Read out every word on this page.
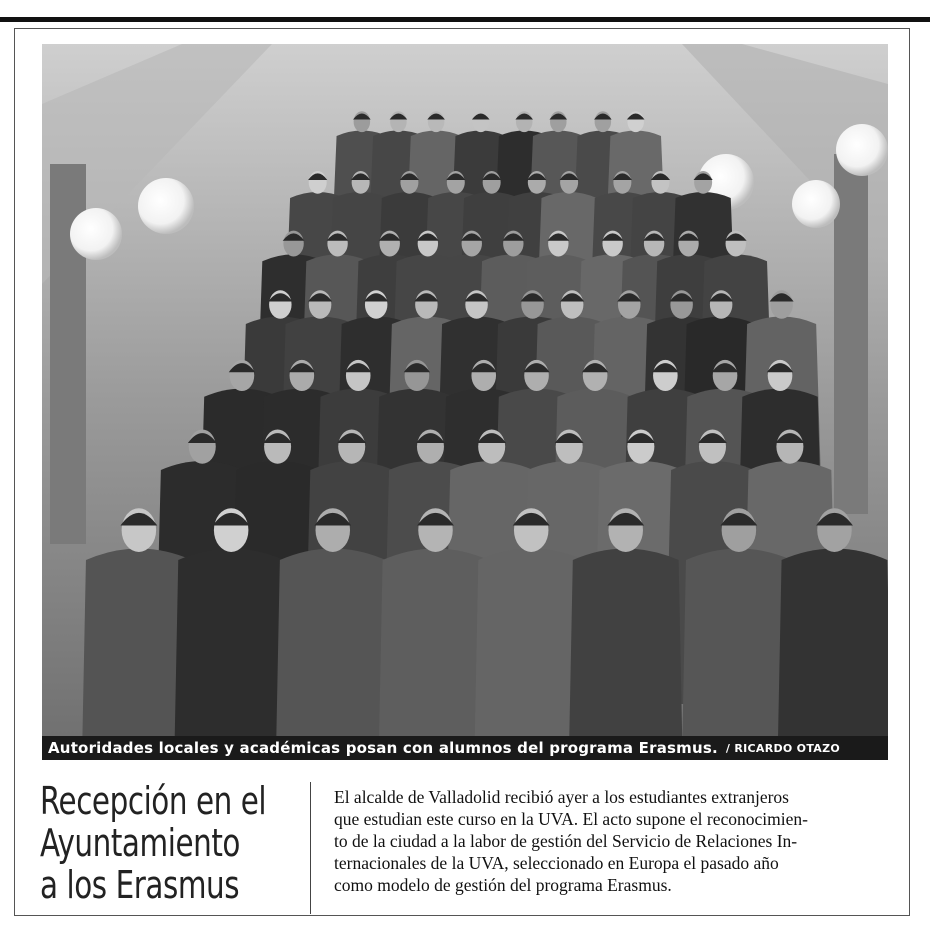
Autoridades locales y académicas posan con alumnos del programa Erasmus. / RICARDO OTAZO
Recepción en el
Ayuntamiento
a los Erasmus
El alcalde de Valladolid recibió ayer a los estudiantes extranjeros
que estudian este curso en la UVA. El acto supone el reconocimien-
to de la ciudad a la labor de gestión del Servicio de Relaciones In-
ternacionales de la UVA, seleccionado en Europa el pasado año
como modelo de gestión del programa Erasmus.
